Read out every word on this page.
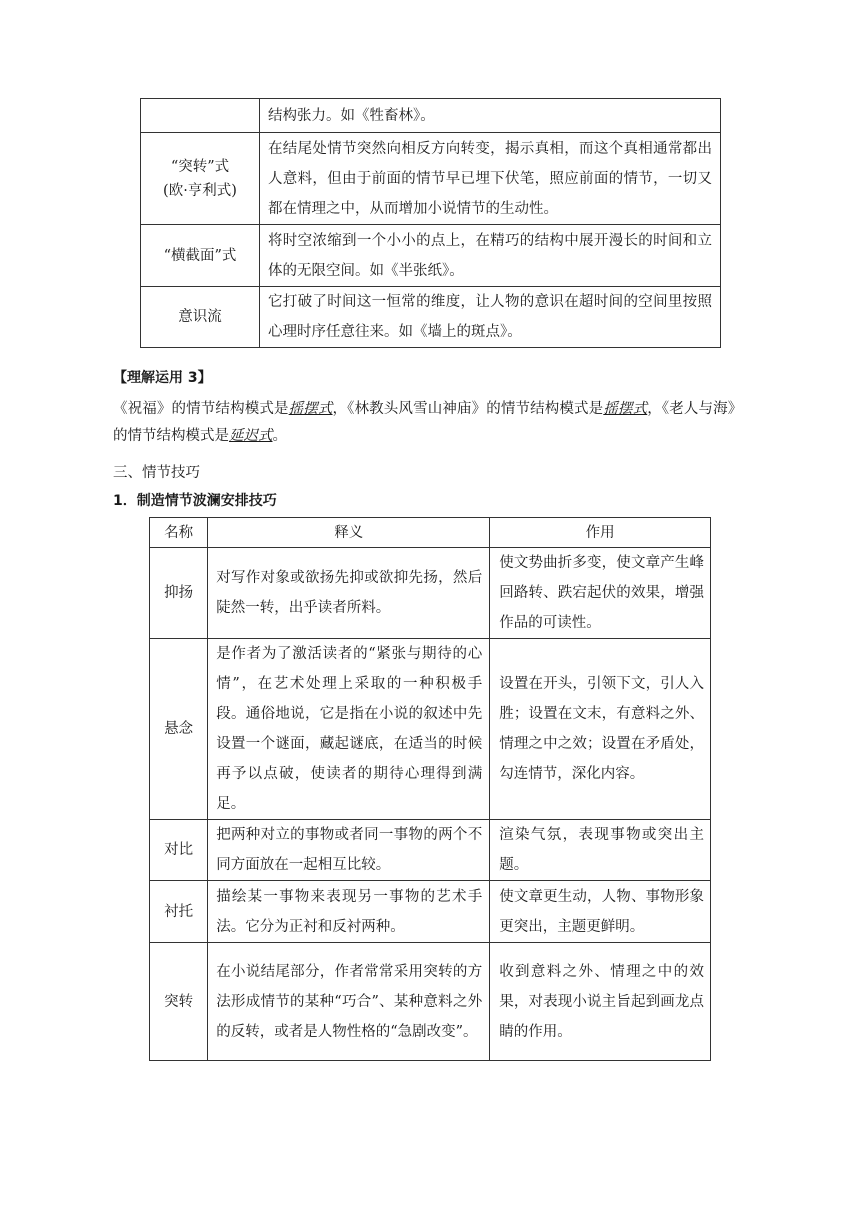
	结构张力。如《牲畜林》。
“突转”式
(欧·亨利式)	在结尾处情节突然向相反方向转变，揭示真相，而这个真相通常都出人意料，但由于前面的情节早已埋下伏笔，照应前面的情节，一切又都在情理之中，从而增加小说情节的生动性。
“横截面”式	将时空浓缩到一个小小的点上，在精巧的结构中展开漫长的时间和立体的无限空间。如《半张纸》。
意识流	它打破了时间这一恒常的维度，让人物的意识在超时间的空间里按照心理时序任意往来。如《墙上的斑点》。
【理解运用 3】
《祝福》的情节结构模式是摇摆式，《林教头风雪山神庙》的情节结构模式是摇摆式，《老人与海》的情节结构模式是延迟式。
三、情节技巧
1．制造情节波澜安排技巧
名称	释义	作用
抑扬	对写作对象或欲扬先抑或欲抑先扬，然后陡然一转，出乎读者所料。	使文势曲折多变，使文章产生峰回路转、跌宕起伏的效果，增强作品的可读性。
悬念	是作者为了激活读者的“紧张与期待的心情”，在艺术处理上采取的一种积极手段。通俗地说，它是指在小说的叙述中先设置一个谜面，藏起谜底，在适当的时候再予以点破，使读者的期待心理得到满足。	设置在开头，引领下文，引人入胜；设置在文末，有意料之外、情理之中之效；设置在矛盾处，勾连情节，深化内容。
对比	把两种对立的事物或者同一事物的两个不同方面放在一起相互比较。	渲染气氛，表现事物或突出主题。
衬托	描绘某一事物来表现另一事物的艺术手法。它分为正衬和反衬两种。	使文章更生动，人物、事物形象更突出，主题更鲜明。
突转	在小说结尾部分，作者常常采用突转的方法形成情节的某种“巧合”、某种意料之外的反转，或者是人物性格的“急剧改变”。	收到意料之外、情理之中的效果，对表现小说主旨起到画龙点睛的作用。
